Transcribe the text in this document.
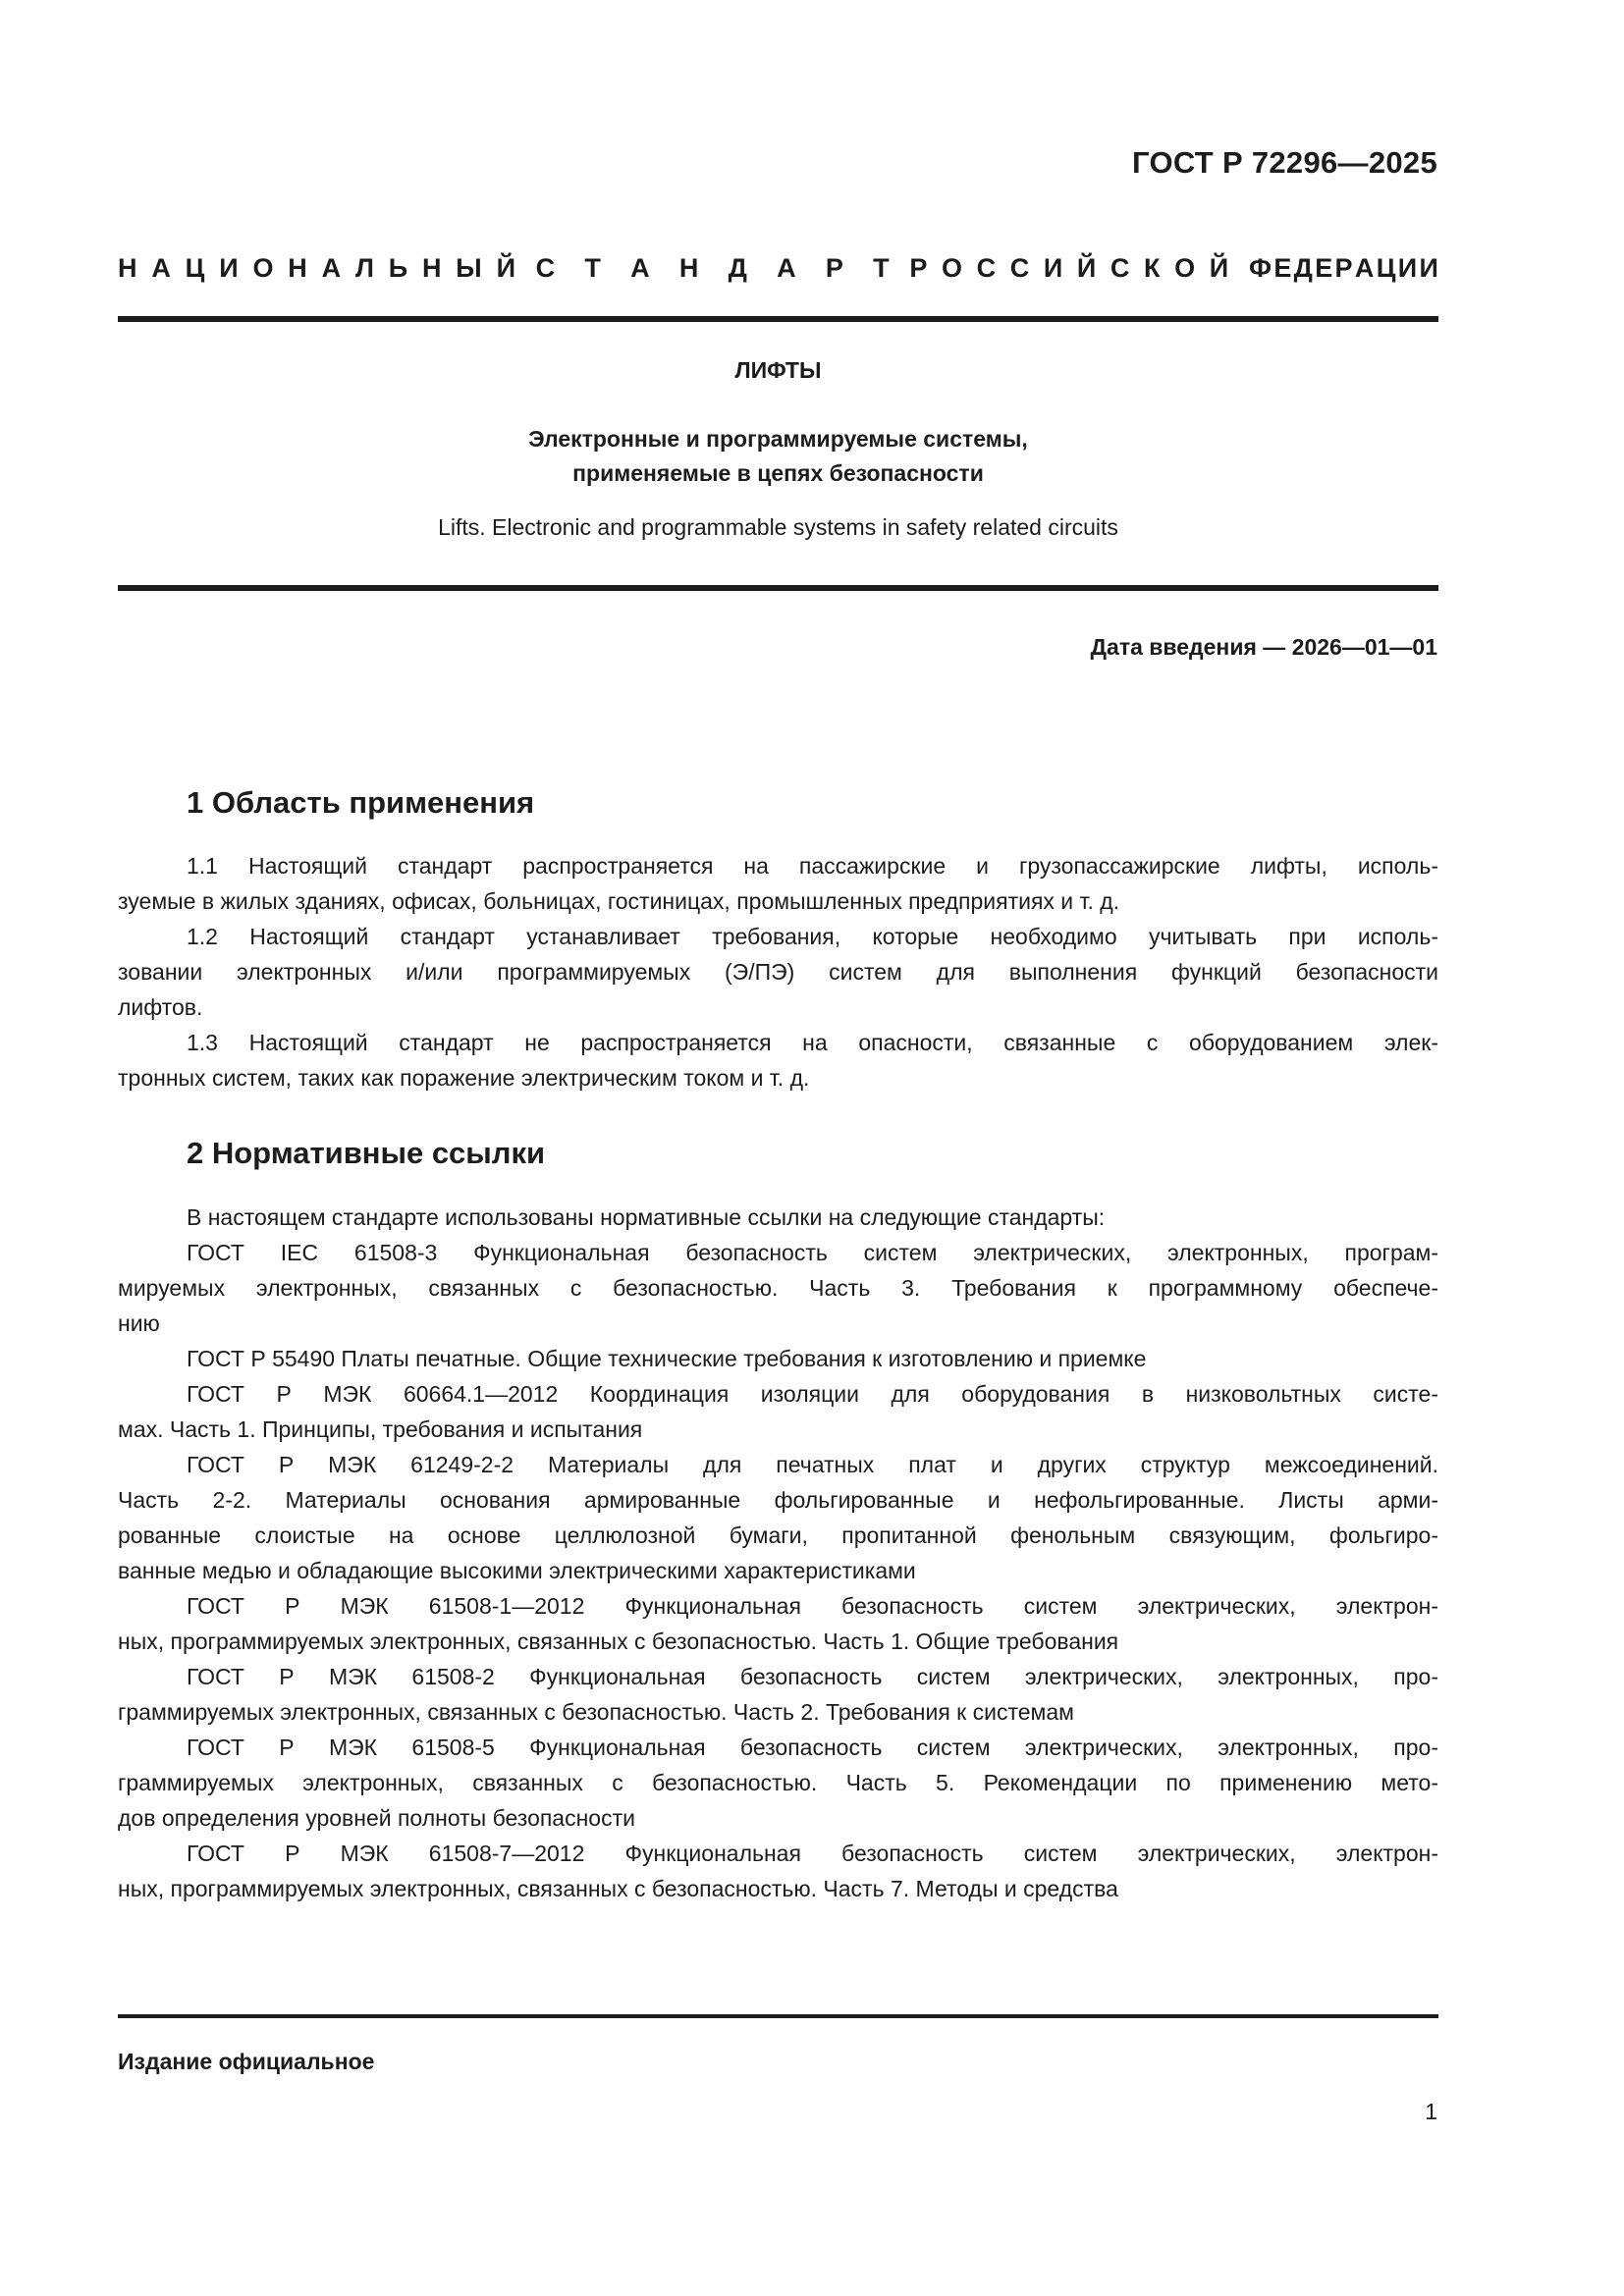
ГОСТ Р 72296—2025
Н А Ц И О Н А Л Ь Н Ы Й С Т А Н Д А Р Т Р О С С И Й С К О Й Ф Е Д Е Р А Ц И И
ЛИФТЫ
Электронные и программируемые системы,
применяемые в цепях безопасности
Lifts. Electronic and programmable systems in safety related circuits
Дата введения — 2026—01—01
1 Область применения
1.1 Настоящий стандарт распространяется на пассажирские и грузопассажирские лифты, исполь-
зуемые в жилых зданиях, офисах, больницах, гостиницах, промышленных предприятиях и т. д.
1.2 Настоящий стандарт устанавливает требования, которые необходимо учитывать при исполь-
зовании электронных и/или программируемых (Э/ПЭ) систем для выполнения функций безопасности
лифтов.
1.3 Настоящий стандарт не распространяется на опасности, связанные с оборудованием элек-
тронных систем, таких как поражение электрическим током и т. д.
2 Нормативные ссылки
В настоящем стандарте использованы нормативные ссылки на следующие стандарты:
ГОСТ IEC 61508-3 Функциональная безопасность систем электрических, электронных, програм-
мируемых электронных, связанных с безопасностью. Часть 3. Требования к программному обеспече-
нию
ГОСТ Р 55490 Платы печатные. Общие технические требования к изготовлению и приемке
ГОСТ Р МЭК 60664.1—2012 Координация изоляции для оборудования в низковольтных систе-
мах. Часть 1. Принципы, требования и испытания
ГОСТ Р МЭК 61249-2-2 Материалы для печатных плат и других структур межсоединений.
Часть 2-2. Материалы основания армированные фольгированные и нефольгированные. Листы арми-
рованные слоистые на основе целлюлозной бумаги, пропитанной фенольным связующим, фольгиро-
ванные медью и обладающие высокими электрическими характеристиками
ГОСТ Р МЭК 61508-1—2012 Функциональная безопасность систем электрических, электрон-
ных, программируемых электронных, связанных с безопасностью. Часть 1. Общие требования
ГОСТ Р МЭК 61508-2 Функциональная безопасность систем электрических, электронных, про-
граммируемых электронных, связанных с безопасностью. Часть 2. Требования к системам
ГОСТ Р МЭК 61508-5 Функциональная безопасность систем электрических, электронных, про-
граммируемых электронных, связанных с безопасностью. Часть 5. Рекомендации по применению мето-
дов определения уровней полноты безопасности
ГОСТ Р МЭК 61508-7—2012 Функциональная безопасность систем электрических, электрон-
ных, программируемых электронных, связанных с безопасностью. Часть 7. Методы и средства
Издание официальное
1
